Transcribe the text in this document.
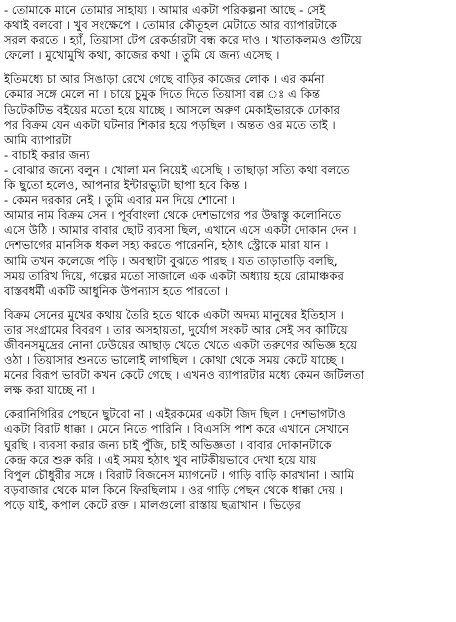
- তোমাকে মানে তোমার সাহায্য । আমার একটা পরিকল্পনা আছে - সেই
কথাই বলবো । খুব সংক্ষেপে । তোমার কৌতূহল মেটাতে আর ব্যাপারটাকে
সরল করতে । হ্যাঁ, তিয়াসা টেপ রেকর্ডারটা বন্ধ করে দাও । খাতাকলমও গুটিয়ে
ফেলো । মুখোমুখি কথা, কাজের কথা । তুমি যে জন্য এসেছ ।
ইতিমধ্যে চা আর সিঙাড়া রেখে গেছে বাড়ির কাজের লোক । এর কর্মনা
কেমার সঙ্গে মেলে না । চায়ে চুমুক দিতে দিতে তিয়াসা বল্ল ঃ এ কিন্ত
ডিটেকটিভ বইয়ের মতো হয়ে যাচ্ছে । আসলে অরুণ মেকাইভারকে ঢোকার
পর বিক্রম যেন একটা ঘটনার শিকার হয়ে পড়ছিল । অন্তত ওর মতে তাই ।
আমি ব্যাপারটা
- বাচাই করার জন্য
- বোঝার জন্যে বলুন । খোলা মন নিয়েই এসেছি । তাছাড়া সত্যি কথা বলতে
কি ছুতো হলেও, আপনার ইন্টারভ্যুটা ছাপা হবে কিন্ত ।
- কেমন দরকার নেই । তুমি এবার মন দিয়ে শোনো ।
আমার নাম বিক্রম সেন । পূর্ববাংলা থেকে দেশভাগের পর উদ্বাস্তু কলোনিতে
এসে উঠি । আমার বাবার ছোট ব্যবসা ছিল, এখানে এসে একটা দোকান দেন ।
দেশভাগের মানসিক ধকল সহ্য করতে পারেননি, হঠাৎ স্ট্রোকে মারা যান ।
আমি তখন কলেজে পড়ি । অবস্থাটা বুঝতে পারছ । যত তাড়াতাড়ি বলছি,
সময় তারিখ দিয়ে, গল্পের মতো সাজালে এক একটা অধ্যায় হয়ে রোমাঞ্চকর
বাস্তবধর্মী একটি আধুনিক উপন্যাস হতে পারতো ।
বিক্রম সেনের মুখের কথায় তৈরি হতে থাকে একটা অদম্য মানুষের ইতিহাস ।
তার সংগ্রামের বিবরণ । তার অসহায়তা, দুর্যোগ সংকট আর সেই সব কাটিয়ে
জীবনসমুদ্রের নোনা ঢেউয়ের আছাড় খেতে খেতে একটা তরুণের অভিজ্ঞ হয়ে
ওঠা । তিয়াসার শুনতে ভালোই লাগছিল । কোথা থেকে সময় কেটে যাচ্ছে ।
মনের বিরূপ ভাবটা কখন কেটে গেছে । এখনও ব্যাপারটার মধ্যে কেমন জটিলতা
লক্ষ করা যাচ্ছে না ।
কেরানিগিরির পেছনে ছুটবো না । এইরকমের একটা জিদ ছিল । দেশভাগটাও
একটা বিরাট ধাক্কা । মেনে নিতে পারিনি । বিএসসি পাশ করে এখানে সেখানে
ঘুরছি । ব্যবসা করার জন্য চাই পুঁজি, চাই অভিজ্ঞতা । বাবার দোকানটাকে
কেন্দ্র করে শুরু করি । এই সময় হঠাৎ খুব নাটকীয়ভাবে দেখা হয়ে যায়
বিপুল চৌধুরীর সঙ্গে । বিরাট বিজনেস ম্যাগনেট । গাড়ি বাড়ি কারখানা । আমি
বড়বাজার থেকে মাল কিনে ফিরছিলাম । ওর গাড়ি পেছন থেকে ধাক্কা দেয় ।
পড়ে যাই, কপাল কেটে রক্ত । মালগুলো রাস্তায় ছত্রাখান । ভিড়ের
